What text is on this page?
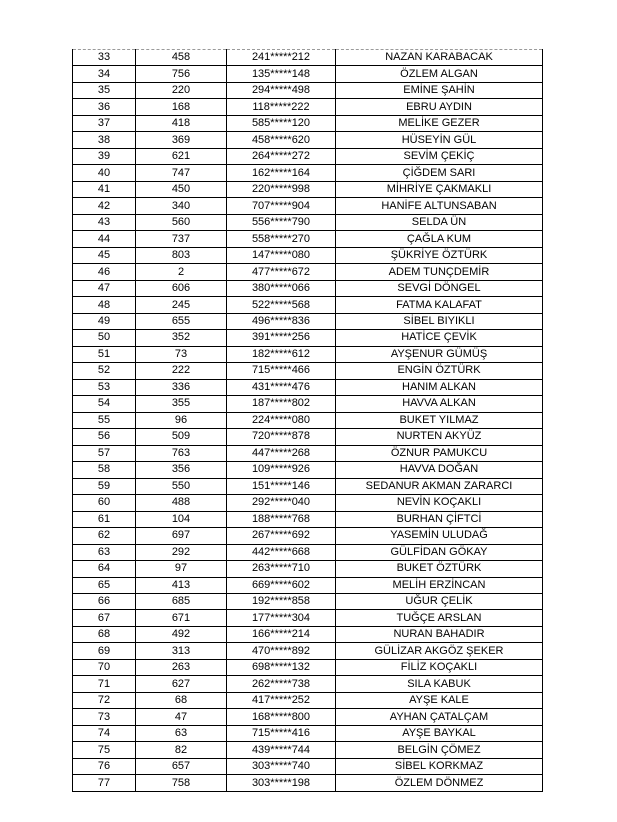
33	458	241*****212	NAZAN KARABACAK
34	756	135*****148	ÖZLEM ALGAN
35	220	294*****498	EMİNE ŞAHİN
36	168	118*****222	EBRU AYDIN
37	418	585*****120	MELİKE GEZER
38	369	458*****620	HÜSEYİN GÜL
39	621	264*****272	SEVİM ÇEKİÇ
40	747	162*****164	ÇİĞDEM SARI
41	450	220*****998	MİHRİYE ÇAKMAKLI
42	340	707*****904	HANİFE ALTUNSABAN
43	560	556*****790	SELDA ÜN
44	737	558*****270	ÇAĞLA KUM
45	803	147*****080	ŞÜKRİYE ÖZTÜRK
46	2	477*****672	ADEM TUNÇDEMİR
47	606	380*****066	SEVGİ DÖNGEL
48	245	522*****568	FATMA KALAFAT
49	655	496*****836	SİBEL BIYIKLI
50	352	391*****256	HATİCE ÇEVİK
51	73	182*****612	AYŞENUR GÜMÜŞ
52	222	715*****466	ENGİN ÖZTÜRK
53	336	431*****476	HANIM ALKAN
54	355	187*****802	HAVVA ALKAN
55	96	224*****080	BUKET YILMAZ
56	509	720*****878	NURTEN AKYÜZ
57	763	447*****268	ÖZNUR PAMUKCU
58	356	109*****926	HAVVA DOĞAN
59	550	151*****146	SEDANUR AKMAN ZARARCI
60	488	292*****040	NEVİN KOÇAKLI
61	104	188*****768	BURHAN ÇİFTCİ
62	697	267*****692	YASEMİN ULUDAĞ
63	292	442*****668	GÜLFİDAN GÖKAY
64	97	263*****710	BUKET ÖZTÜRK
65	413	669*****602	MELİH ERZİNCAN
66	685	192*****858	UĞUR ÇELİK
67	671	177*****304	TUĞÇE ARSLAN
68	492	166*****214	NURAN BAHADIR
69	313	470*****892	GÜLİZAR AKGÖZ ŞEKER
70	263	698*****132	FİLİZ KOÇAKLI
71	627	262*****738	SILA KABUK
72	68	417*****252	AYŞE KALE
73	47	168*****800	AYHAN ÇATALÇAM
74	63	715*****416	AYŞE BAYKAL
75	82	439*****744	BELGİN ÇÖMEZ
76	657	303*****740	SİBEL KORKMAZ
77	758	303*****198	ÖZLEM DÖNMEZ
